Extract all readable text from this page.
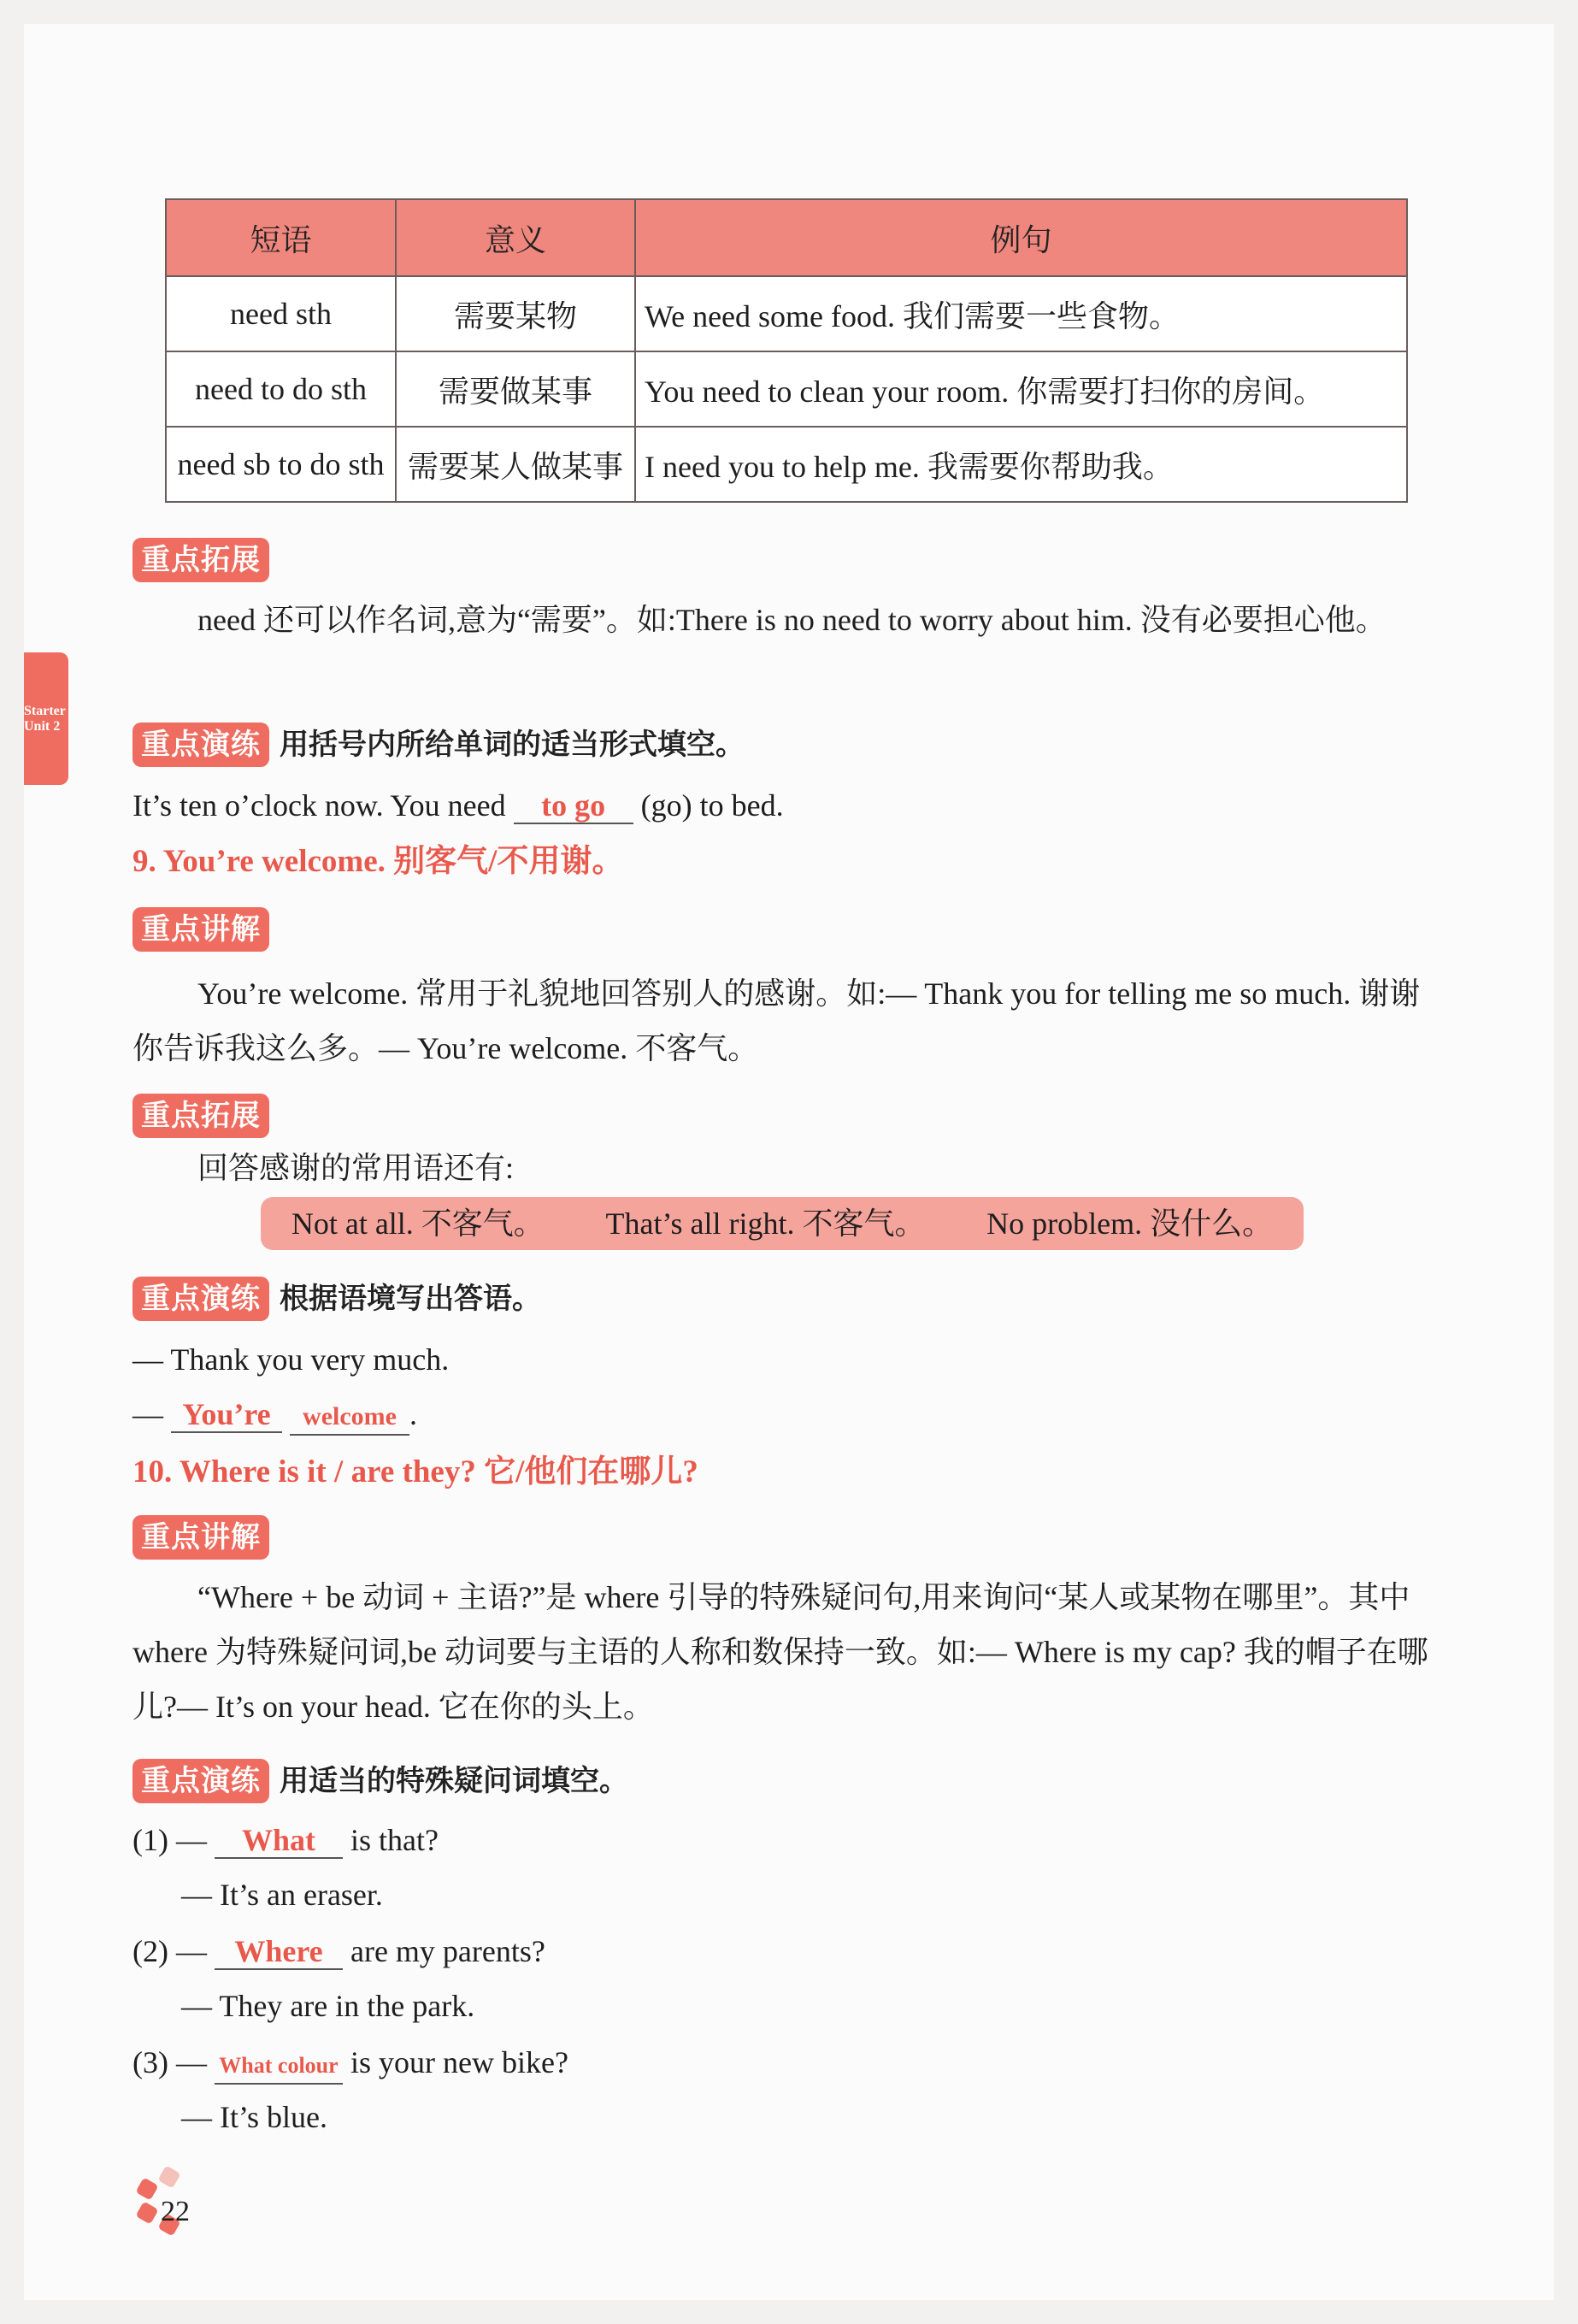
Starter Unit 2
短语	意义	例句
need sth	需要某物	We need some food. 我们需要一些食物。
need to do sth	需要做某事	You need to clean your room. 你需要打扫你的房间。
need sb to do sth	需要某人做某事	I need you to help me. 我需要你帮助我。
重点拓展
need 还可以作名词,意为“需要”。如:There is no need to worry about him. 没有必要担心他。
重点演练 用括号内所给单词的适当形式填空。
It’s ten o’clock now. You need to go (go) to bed.
9. You’re welcome. 别客气/不用谢。
重点讲解
You’re welcome. 常用于礼貌地回答别人的感谢。如:— Thank you for telling me so much. 谢谢你告诉我这么多。— You’re welcome. 不客气。
重点拓展
回答感谢的常用语还有:
Not at all. 不客气。 That’s all right. 不客气。 No problem. 没什么。
重点演练 根据语境写出答语。
— Thank you very much.
— You’re welcome .
10. Where is it / are they? 它/他们在哪儿?
重点讲解
“Where + be 动词 + 主语?”是 where 引导的特殊疑问句,用来询问“某人或某物在哪里”。其中 where 为特殊疑问词,be 动词要与主语的人称和数保持一致。如:— Where is my cap? 我的帽子在哪儿?— It’s on your head. 它在你的头上。
重点演练 用适当的特殊疑问词填空。
(1) — What is that?
— It’s an eraser.
(2) — Where are my parents?
— They are in the park.
(3) — What colour is your new bike?
— It’s blue.
22
